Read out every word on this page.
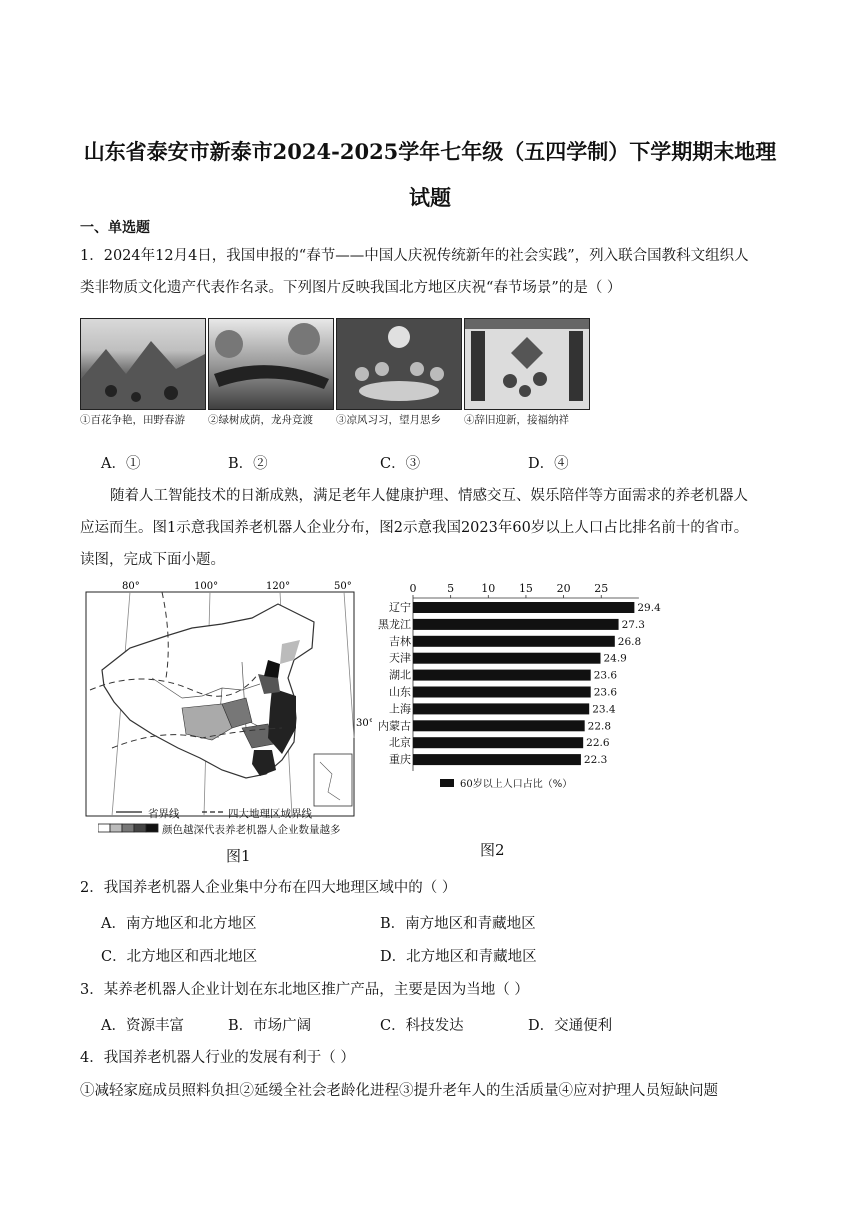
山东省泰安市新泰市2024-2025学年七年级（五四学制）下学期期末地理
试题
一、单选题
1．2024年12月4日，我国申报的“春节——中国人庆祝传统新年的社会实践”，列入联合国教科文组织人
类非物质文化遗产代表作名录。下列图片反映我国北方地区庆祝“春节场景”的是（ ）
①百花争艳，田野春游 ②绿树成荫，龙舟竞渡 ③凉风习习，望月思乡 ④辞旧迎新，接福纳祥
A．①	B．②	C．③	D．④
随着人工智能技术的日渐成熟，满足老年人健康护理、情感交互、娱乐陪伴等方面需求的养老机器人
应运而生。图1示意我国养老机器人企业分布，图2示意我国2023年60岁以上人口占比排名前十的省市。
读图，完成下面小题。
80°	100°	120°	50°
30°
省界线	四大地理区域界线
颜色越深代表养老机器人企业数量越多
图1
0	5 10 15 20 25
辽宁	29.4
黑龙江	27.3
吉林	26.8
天津	24.9
湖北	23.6
山东	23.6
上海	23.4
内蒙古	22.8
北京	22.6
重庆	22.3
60岁以上人口占比（%）
图2
2．我国养老机器人企业集中分布在四大地理区域中的（ ）
A．南方地区和北方地区	B．南方地区和青藏地区
C．北方地区和西北地区	D．北方地区和青藏地区
3．某养老机器人企业计划在东北地区推广产品，主要是因为当地（ ）
A．资源丰富	B．市场广阔	C．科技发达	D．交通便利
4．我国养老机器人行业的发展有利于（ ）
①减轻家庭成员照料负担②延缓全社会老龄化进程③提升老年人的生活质量④应对护理人员短缺问题
